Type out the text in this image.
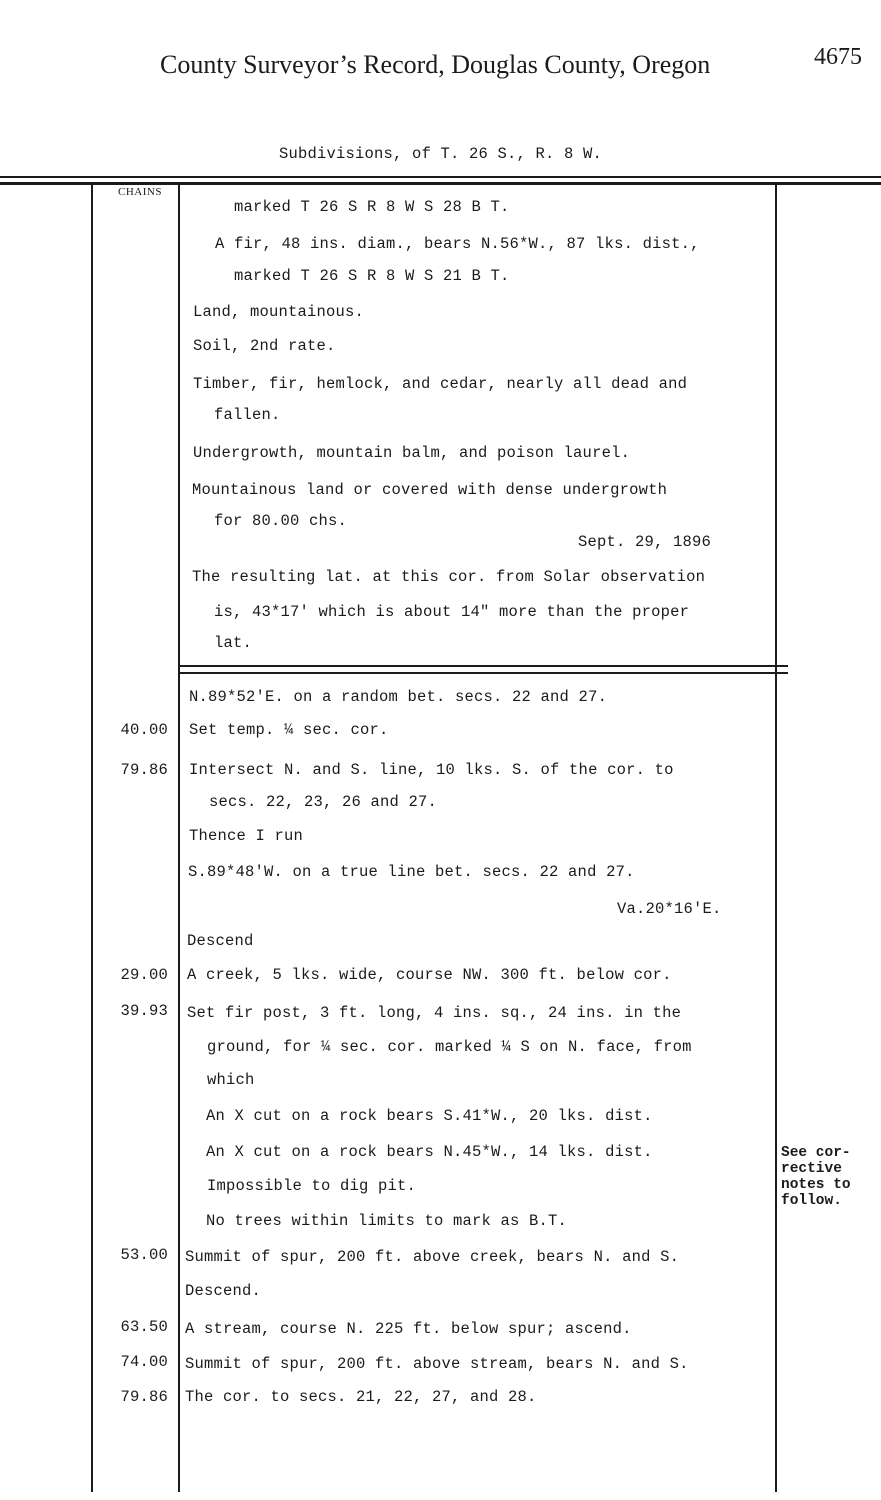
County Surveyor’s Record, Douglas County, Oregon	4675
Subdivisions, of T. 26 S., R. 8 W.
CHAINS
marked T 26 S R 8 W S 28 B T.
A fir, 48 ins. diam., bears N.56*W., 87 lks. dist.,
marked T 26 S R 8 W S 21 B T.
Land, mountainous.
Soil, 2nd rate.
Timber, fir, hemlock, and cedar, nearly all dead and
fallen.
Undergrowth, mountain balm, and poison laurel.
Mountainous land or covered with dense undergrowth
for 80.00 chs.
Sept. 29, 1896
The resulting lat. at this cor. from Solar observation
is, 43*17' which is about 14" more than the proper
lat.
40.00
79.86
29.00
39.93
53.00
63.50
74.00
79.86
N.89*52'E. on a random bet. secs. 22 and 27.
Set temp. ¼ sec. cor.
Intersect N. and S. line, 10 lks. S. of the cor. to
secs. 22, 23, 26 and 27.
Thence I run
S.89*48'W. on a true line bet. secs. 22 and 27.
Va.20*16'E.
Descend
A creek, 5 lks. wide, course NW. 300 ft. below cor.
Set fir post, 3 ft. long, 4 ins. sq., 24 ins. in the
ground, for ¼ sec. cor. marked ¼ S on N. face, from
which
An X cut on a rock bears S.41*W., 20 lks. dist.
An X cut on a rock bears N.45*W., 14 lks. dist.
Impossible to dig pit.
No trees within limits to mark as B.T.
Summit of spur, 200 ft. above creek, bears N. and S.
Descend.
A stream, course N. 225 ft. below spur; ascend.
Summit of spur, 200 ft. above stream, bears N. and S.
The cor. to secs. 21, 22, 27, and 28.
See cor-
rective
notes to
follow.
